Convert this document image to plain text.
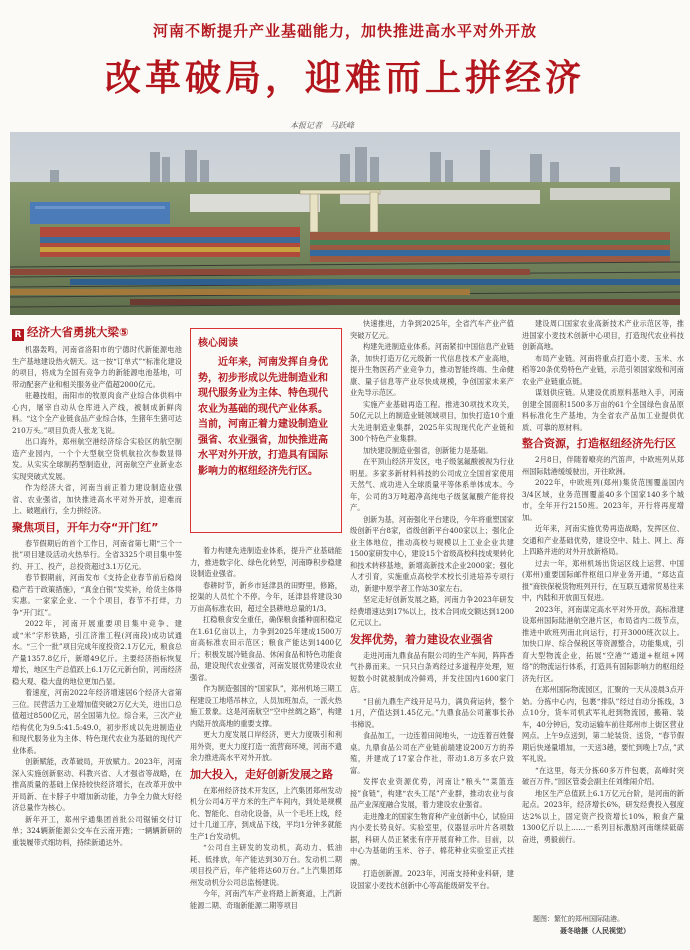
河南不断提升产业基础能力，加快推进高水平对外开放
改革破局，迎难而上拼经济
本报记者　马跃峰
R 经济大省勇挑大梁⑤

机器轰鸣，河南省洛阳市的宁德时代新能源电池生产基地建设热火朝天。这一按“订单式”“标准化建设的项目，将成为全国有竞争力的新能源电池基地，可带动配套产业和相关服务业产值超2000亿元。

驻趣技组，南阳市的牧原肉食产业综合体供料中心内，屠宰自动从仓库进入产线，被制成新鲜肉料。“这个全产业链食品产业综合体，生猪年生猪可达210万头。”项目负责人张龙飞说。

出口海外，郑州航空港经济综合实验区的航空制造产业园内，一个个大型航空货机航拉次参数显得发。从实实全球制药型制造业，河南航空产业新业态实现突破式发展。

作为经济大省，河南当前正着力建设制造业强省、农业强省，加快推进高水平对外开放，迎难而上、破题前行，全力拼经济。

聚焦项目，开年力夺“开门红”

春节假期后的首个工作日，河南省第七期“三个一批”项目建设活动火热举行。全省3325个项目集中签约、开工、投产，总投资超过3.1万亿元。

春节假期前，河南发布《支持企业春节前后稳岗稳产若干政策措施》，“真金白银”发奖补，给货主体得实惠。一家家企业、一个个项目，春节不打烊，力争“开门红”。

2022年，河南开展重要项目集中竞争、建或“米”字形铁路，引江济淮工程(河南段)成功试通水。“三个一批”项目完成年度投资2.1万亿元，粮食总产量1357.8亿斤，新增49亿斤。主要经济指标恢复增长，地区生产总值跃上6.1万亿元新台阶，河南经济稳大观、稳大盘的地位更加凸显。

着速度，河南2022年经济增速居6个经济大省第三位。民营活力工业增加值突破2万亿大关，进出口总值超过8500亿元，居全国第九位。综合来，三次产业结构优化为9.5:41.5:49.0，初步形成以先进制造业和现代服务业为主体、特色现代农业为基础的现代产业体系。

创新赋能，改革破局，开放赋力。2023年，河南深入实施创新驱动、科教兴省、人才强省等战略，在推高质量的基础上保持较快经济增长，在改革开放中开局新、在卡脖子中增加新动能，力争全力做大好经济总量作为核心。

新年开工，郑州宇通集团首批公司锯铺交付订单；324辆新能源公交车在云南开跑；一辆辆新研的重装履带式细坊料，持续新通达外。

核心阅读
近年来，河南发挥自身优势，初步形成以先进制造业和现代服务业为主体、特色现代农业为基础的现代产业体系。当前，河南正着力建设制造业强省、农业强省，加快推进高水平对外开放，打造具有国际影响力的枢纽经济先行区。

着力构建先进制造业体系，提升产业基础能力，推进数字化、绿色化转型，河南睁积步稳建设制造业强省。

春耕时节，新乡市延津县的田野里，修路，挖渠的人员忙个不停。今年，延津县将建设30万亩高标准农田，超过全县耕地总量的1/3。

扛稳粮食安全重任，确保粮食播种面积稳定在1.61亿亩以上，力争到2025年建成1500万亩高标准农田示范区；粮食产能达到1400亿斤；积极发展冷链食品、休闲食品和特色功能食品，建设现代农业强省，河南发展优势建设农业强省。

作为制造强国的“国家队”，郑州机场三期工程建设工地塔吊林立，人员加班加点，一派火热施工景象。这是河南航空“空中丝绸之路”，构建内陆开放高地的重要支撑。

更大力度发展口岸经济，更大力度吸引和利用外资，更大力度打造一流营商环境，河南不遗余力推进高水平对外开放。

加大投入，走好创新发展之路

在郑州经济技术开发区，上汽集团郑州发动机分公司4万平方米的生产车间内，到处是规模化、智能化、自动化设备，从一个毛坯上线，经过十几道工序，到成品下线，平均1分钟多就能生产1台发动机。

“公司自主研发的发动机，高动力、低油耗、低排放，年产能达到30万台。发动机二期项目投产后，年产能将达60万台。”上汽集团郑州发动机分公司总监杨建说。

今年，河南汽车产业将踏上新赛道，上汽新能源二期、奇瑞新能源二期等项目

快速推进，力争到2025年，全省汽车产业产值突破万亿元。

构建先进制造业体系。河南紧扣中国信息产业链条，加快打造万亿元级新一代信息技术产业高地，提升生物医药产业竞争力，推动智能终端、生命健康、量子信息等产业尽快成规模，争创国家未来产业先导示范区。

实施产业基础再造工程。推进30项技术攻关，50亿元以上的制造业链领域项目，加快打造10个重大先进制造业集群，2025年实现现代化产业链和300个特色产业集群。

加快建设制造业强省，创新能力是基础。

在平顶山经济开发区，电子级氢氟酸被视为行业明星。多家多新材料科技的公司成立全国首家使用天然气、成功进入全球质量平等体系单体成本。今年，公司的3万吨超净高纯电子级氢氟酸产能将投产。

创新为基，河南强化平台建设，今年将重塑国家级创新平台8家，省级创新平台400家以上；强化企业主体地位，推动高校与规模以上工业企业共建1500家研发中心，建设15个省级高校科技成果转化和技术转移基地，新增高新技术企业2000家；强化人才引育，实施重点高校学术校长引进培养专项行动，新建中原学者工作站30家左右。

坚定走好创新发展之路，河南力争2023年研发经费增速达到17%以上，技术合同成交额达到1200亿元以上。

发挥优势，着力建设农业强省

走进河南九鼎食品有限公司的生产车间，阵阵香气扑鼻而来。一只只白条鸡经过多道程序处理，短短数小时就被制成冷鲜鸡，并发往国内1600家门店。

“目前九鼎生产线开足马力，满负荷运转，整个1月，产值达到1.45亿元。”九鼎食品公司董事长孙书樟说。

食品加工，一边连着田间地头，一边连着百姓餐桌。九鼎食品公司在产业链前端建设200万方的养殖，并建成了17家合作社，带动1.8万多农户致富。

发挥农业资源优势，河南让“粮头”“菜篮连接”食链”，构建“农头工尾”产业群，推动农业与食品产业深度融合发展，着力建设农业强省。

走进豫北的国家生物育种产业创新中心，试验田内小麦长势良好。实验室里，仪器显示叶片各项数据，科研人员正紧张有序开展育种工作。目前，以中心为基础的玉米、谷子、棉花种业实验室正式挂牌。

打造创新源。2023年，河南支持种业科研，建设国家小麦技术创新中心等高能级研发平台。

建设周口国家农业高新技术产业示范区等，推进国家小麦技术创新中心项目，打造现代农业科技创新高地。

布局产业链。河南将重点打造小麦、玉米、水稻等20条优势特色产业链，示范引领国家级和河南农业产业链重点链。

谋划供应链。从建设优质原料基地入手，河南创建全国面积1500多万亩的61个全国绿色食品原料标准化生产基地，为全省农产品加工业提供优质、可靠的原材料。

整合资源，打造枢纽经济先行区

2月8日，伴随着嘹亮的汽笛声，中欧班列从郑州国际陆港缓缓驶出，开往欧洲。

2022年，中欧班列(郑州)集货范围覆盖国内3/4区域，业务范围覆盖40多个国家140多个城市，全年开行2150班。2023年，开行将再度增加。

近年来，河南实施优势再造战略，发挥区位、交通和产业基础优势，建设空中、陆上、网上、海上四路并进的对外开放新格局。

过去一年，郑州机场出货运区线上运营、中国(郑州)重要国际邮件枢纽口岸业务开通，“郑达直报”商铁保税货物班列开行，在互联互通常贸易往来中，内陆和开放面互促进。

2023年，河南谋定高水平对外开放，高标准建设郑州国际陆港航空港片区，布局省内二级节点，推进中欧班列南北向运行，打开3000班次以上。加快口岸、综合保税区等资源整合，功能集成，引育大型物流企业，拓展“空港”“通道+枢纽+网络”的物流运行体系，打造具有国际影响力的枢纽经济先行区。

在郑州国际物流园区，汇聚的一天从凌晨3点开始。分拣中心内，包裹“排队”经过自动分拣线，3点10分，货车司机武军礼赶到物流园，搬箱、装车，40分钟后，发动运输车前往郑州市上街区营业网点。上午9点送到，第二轮装货、送货，“春节假期后快递量增加，一天送3趟，要忙到晚上7点，”武军礼说。

“在这里，每天分拣60多万件包裹，高峰时突破百万件。”园区管委会副主任刘维闹介绍。

地区生产总值跃上6.1万亿元台阶，是河南的新起点。2023年，经济增长6%，研发经费投入强度达2%以上，固定资产投资增长10%，粮食产量1300亿斤以上……一系列目标激励河南继续砥砺奋进，勇毅前行。

题图：繁忙的郑州国际陆港。
聂冬晗摄（人民视觉）
